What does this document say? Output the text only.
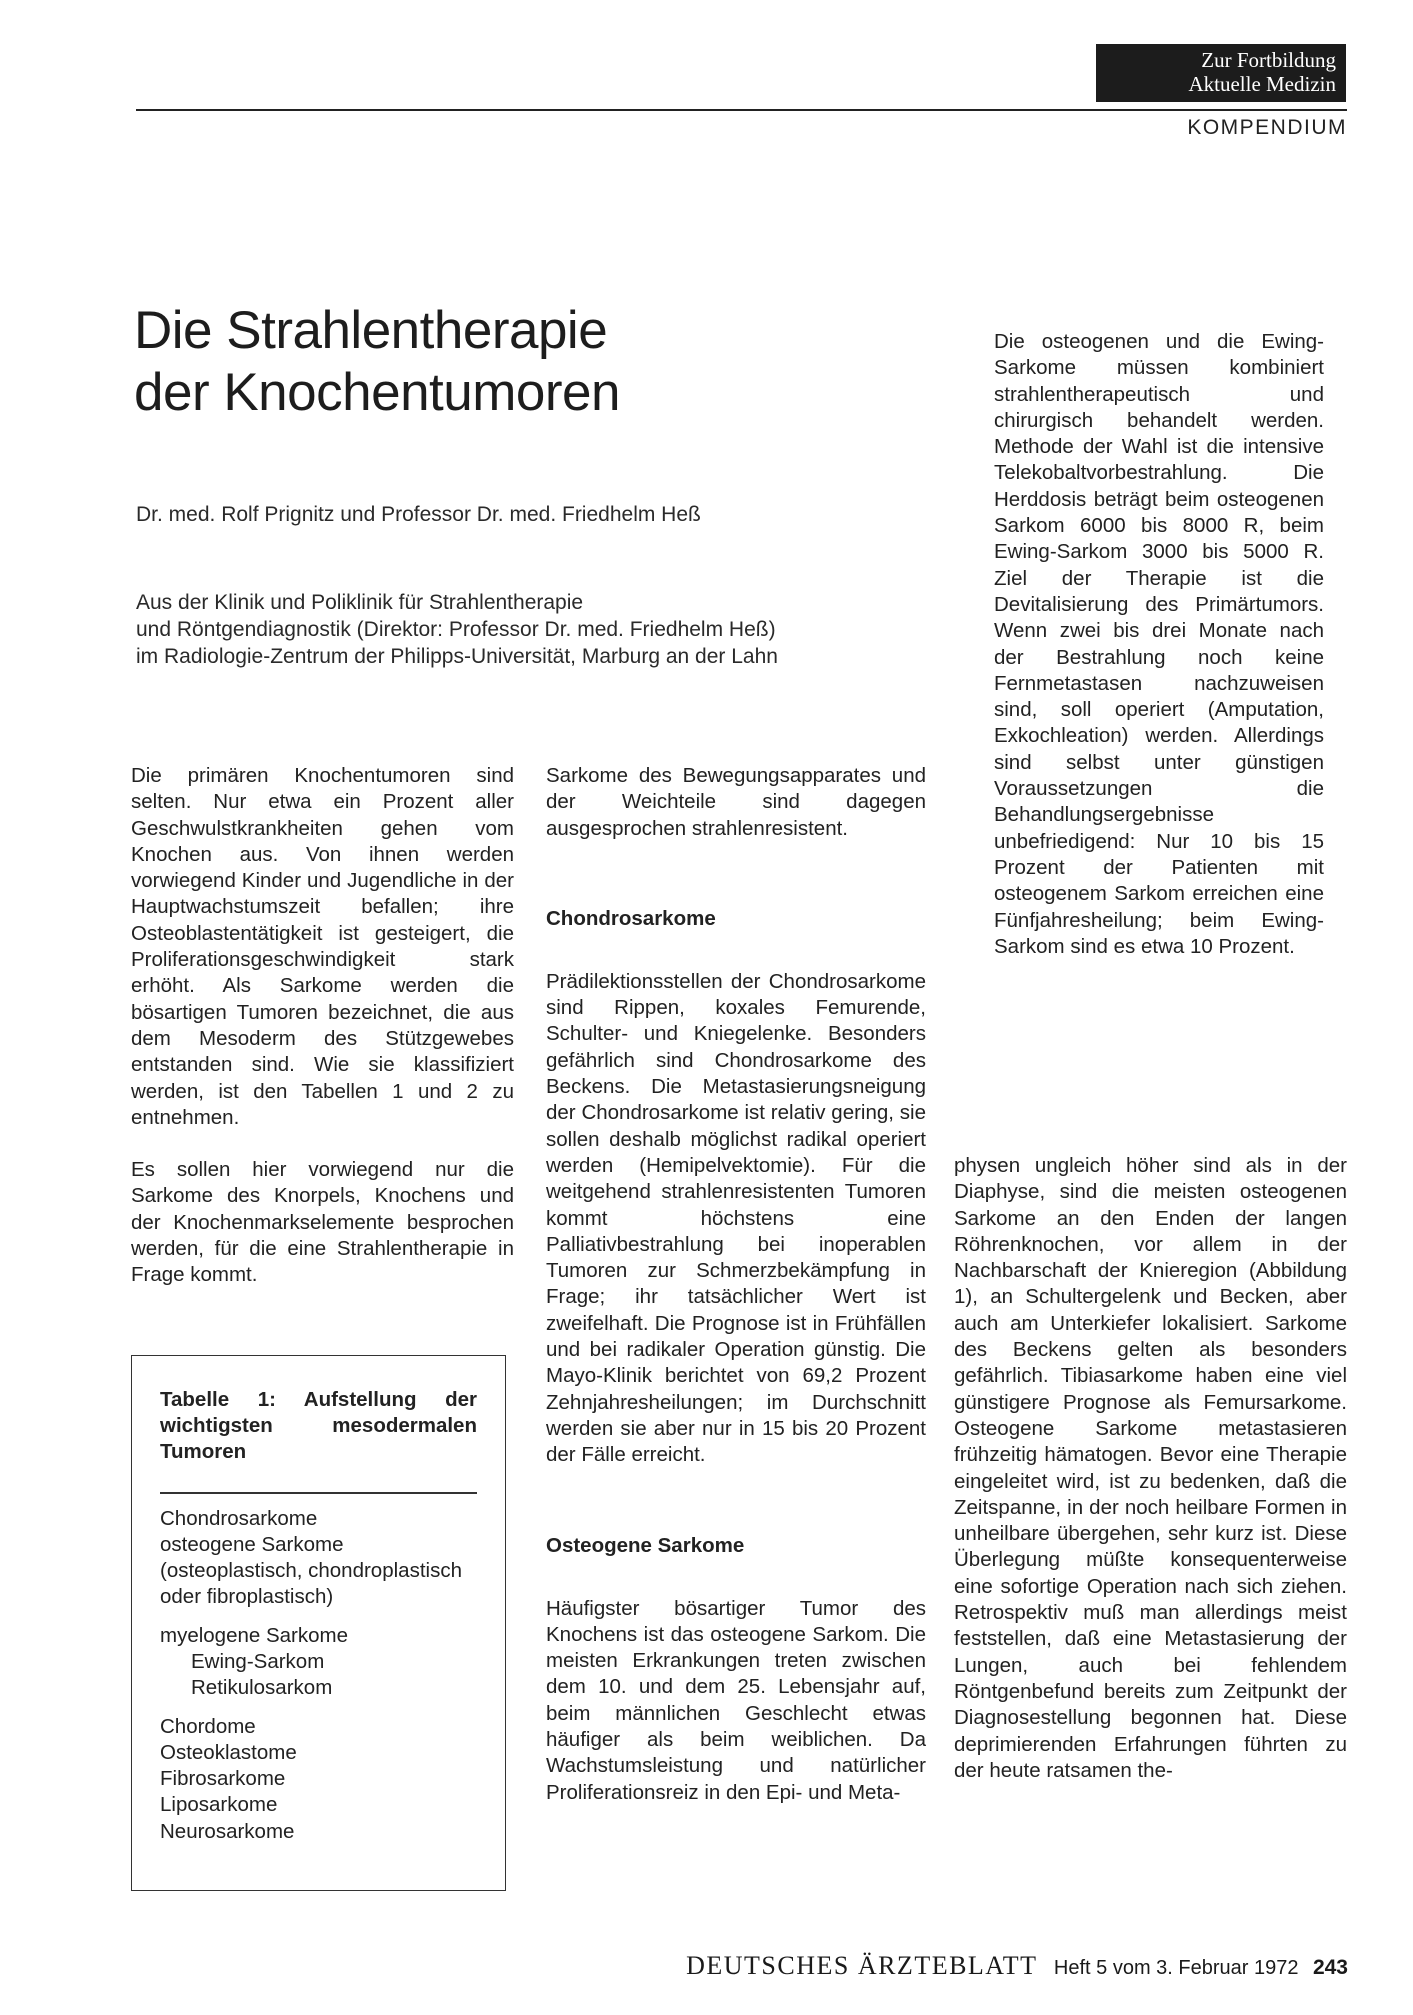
Zur Fortbildung
Aktuelle Medizin
KOMPENDIUM
Die Strahlentherapie
der Knochentumoren
Dr. med. Rolf Prignitz und Professor Dr. med. Friedhelm Heß
Aus der Klinik und Poliklinik für Strahlentherapie
und Röntgendiagnostik (Direktor: Professor Dr. med. Friedhelm Heß)
im Radiologie-Zentrum der Philipps-Universität, Marburg an der Lahn

Die primären Knochentumoren sind selten. Nur etwa ein Prozent aller Geschwulstkrankheiten gehen vom Knochen aus. Von ihnen werden vorwiegend Kinder und Jugendliche in der Hauptwachstumszeit befallen; ihre Osteoblastentätigkeit ist gesteigert, die Proliferationsgeschwindigkeit stark erhöht. Als Sarkome werden die bösartigen Tumoren bezeichnet, die aus dem Mesoderm des Stützgewebes entstanden sind. Wie sie klassifiziert werden, ist den Tabellen 1 und 2 zu entnehmen.

Es sollen hier vorwiegend nur die Sarkome des Knorpels, Knochens und der Knochenmarkselemente besprochen werden, für die eine Strahlentherapie in Frage kommt.

Tabelle 1: Aufstellung der wichtigsten mesodermalen Tumoren
Chondrosarkome
osteogene Sarkome
(osteoplastisch, chondroplastisch oder fibroplastisch)
myelogene Sarkome
Ewing-Sarkom
Retikulosarkom
Chordome
Osteoklastome
Fibrosarkome
Liposarkome
Neurosarkome

Sarkome des Bewegungsapparates und der Weichteile sind dagegen ausgesprochen strahlenresistent.

Chondrosarkome

Prädilektionsstellen der Chondrosarkome sind Rippen, koxales Femurende, Schulter- und Kniegelenke. Besonders gefährlich sind Chondrosarkome des Beckens. Die Metastasierungsneigung der Chondrosarkome ist relativ gering, sie sollen deshalb möglichst radikal operiert werden (Hemipelvektomie). Für die weitgehend strahlenresistenten Tumoren kommt höchstens eine Palliativbestrahlung bei inoperablen Tumoren zur Schmerzbekämpfung in Frage; ihr tatsächlicher Wert ist zweifelhaft. Die Prognose ist in Frühfällen und bei radikaler Operation günstig. Die Mayo-Klinik berichtet von 69,2 Prozent Zehnjahresheilungen; im Durchschnitt werden sie aber nur in 15 bis 20 Prozent der Fälle erreicht.

Osteogene Sarkome

Häufigster bösartiger Tumor des Knochens ist das osteogene Sarkom. Die meisten Erkrankungen treten zwischen dem 10. und dem 25. Lebensjahr auf, beim männlichen Geschlecht etwas häufiger als beim weiblichen. Da Wachstumsleistung und natürlicher Proliferationsreiz in den Epi- und Meta-

Die osteogenen und die Ewing-Sarkome müssen kombiniert strahlentherapeutisch und chirurgisch behandelt werden. Methode der Wahl ist die intensive Telekobaltvorbestrahlung. Die Herddosis beträgt beim osteogenen Sarkom 6000 bis 8000 R, beim Ewing-Sarkom 3000 bis 5000 R. Ziel der Therapie ist die Devitalisierung des Primärtumors. Wenn zwei bis drei Monate nach der Bestrahlung noch keine Fernmetastasen nachzuweisen sind, soll operiert (Amputation, Exkochleation) werden. Allerdings sind selbst unter günstigen Voraussetzungen die Behandlungsergebnisse unbefriedigend: Nur 10 bis 15 Prozent der Patienten mit osteogenem Sarkom erreichen eine Fünfjahresheilung; beim Ewing-Sarkom sind es etwa 10 Prozent.

physen ungleich höher sind als in der Diaphyse, sind die meisten osteogenen Sarkome an den Enden der langen Röhrenknochen, vor allem in der Nachbarschaft der Knieregion (Abbildung 1), an Schultergelenk und Becken, aber auch am Unterkiefer lokalisiert. Sarkome des Beckens gelten als besonders gefährlich. Tibiasarkome haben eine viel günstigere Prognose als Femursarkome. Osteogene Sarkome metastasieren frühzeitig hämatogen. Bevor eine Therapie eingeleitet wird, ist zu bedenken, daß die Zeitspanne, in der noch heilbare Formen in unheilbare übergehen, sehr kurz ist. Diese Überlegung müßte konsequenterweise eine sofortige Operation nach sich ziehen. Retrospektiv muß man allerdings meist feststellen, daß eine Metastasierung der Lungen, auch bei fehlendem Röntgenbefund bereits zum Zeitpunkt der Diagnosestellung begonnen hat. Diese deprimierenden Erfahrungen führten zu der heute ratsamen the-

DEUTSCHES ÄRZTEBLATT Heft 5 vom 3. Februar 1972 243
